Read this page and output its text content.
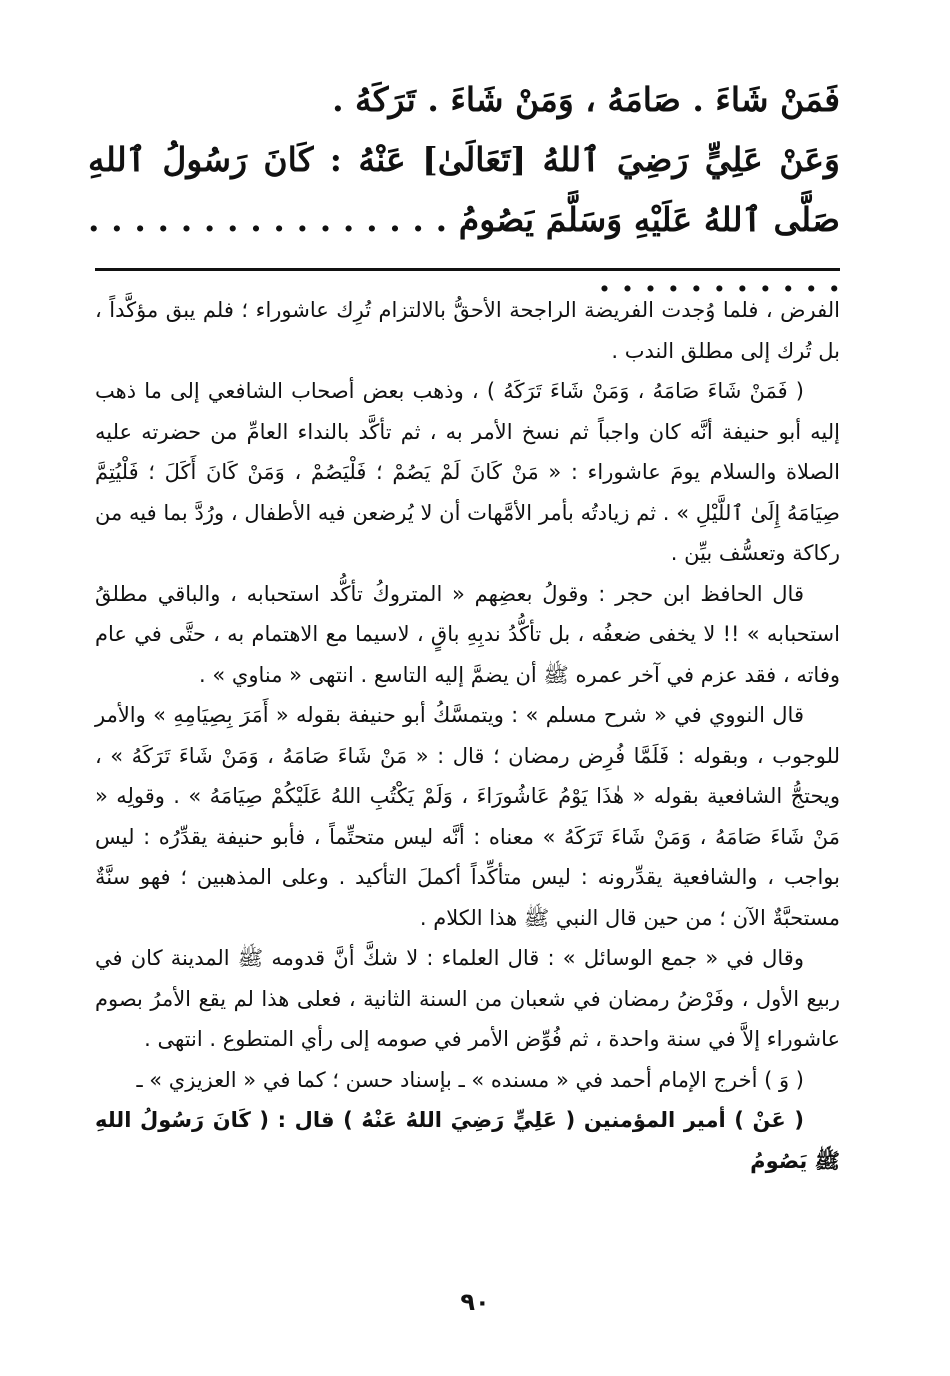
فَمَنْ شَاءَ . صَامَهُ ، وَمَنْ شَاءَ . تَرَكَهُ .

وَعَنْ عَلِيٍّ رَضِيَ ٱللهُ [تَعَالَىٰ] عَنْهُ : كَانَ رَسُولُ ٱللهِ صَلَّى ٱللهُ عَلَيْهِ وَسَلَّمَ يَصُومُ . . . . . . . . . . . . . . . . . . . . . . . . . . .

الفرض ، فلما وُجدت الفريضة الراجحة الأحقُّ بالالتزام تُرِك عاشوراء ؛ فلم يبق مؤكَّداً ، بل تُرك إلى مطلق الندب .

( فَمَنْ شَاءَ صَامَهُ ، وَمَنْ شَاءَ تَرَكَهُ ) ، وذهب بعض أصحاب الشافعي إلى ما ذهب إليه أبو حنيفة أنَّه كان واجباً ثم نسخ الأمر به ، ثم تأكَّد بالنداء العامِّ من حضرته عليه الصلاة والسلام يومَ عاشوراء : « مَنْ كَانَ لَمْ يَصُمْ ؛ فَلْيَصُمْ ، وَمَنْ كَانَ أَكَلَ ؛ فَلْيُتِمَّ صِيَامَهُ إِلَىٰ ٱللَّيْلِ » . ثم زيادتُه بأمر الأمَّهات أن لا يُرضعن فيه الأطفال ، ورُدَّ بما فيه من ركاكة وتعسُّف بيِّن .

قال الحافظ ابن حجر : وقولُ بعضِهم « المتروكُ تأكُّد استحبابه ، والباقي مطلقُ استحبابه » !! لا يخفى ضعفُه ، بل تأكُّدُ ندبِهِ باقٍ ، لاسيما مع الاهتمام به ، حتَّى في عام وفاته ، فقد عزم في آخر عمره ﷺ أن يضمَّ إليه التاسع . انتهى « مناوي » .

قال النووي في « شرح مسلم » : ويتمسَّكُ أبو حنيفة بقوله « أَمَرَ بِصِيَامِهِ » والأمر للوجوب ، وبقوله : فَلَمَّا فُرِض رمضان ؛ قال : « مَنْ شَاءَ صَامَهُ ، وَمَنْ شَاءَ تَرَكَهُ » ، ويحتجُّ الشافعية بقوله « هٰذَا يَوْمُ عَاشُورَاءَ ، وَلَمْ يَكْتُبِ اللهُ عَلَيْكُمْ صِيَامَهُ » . وقولِه « مَنْ شَاءَ صَامَهُ ، وَمَنْ شَاءَ تَرَكَهُ » معناه : أنَّه ليس متحتِّماً ، فأبو حنيفة يقدِّرُه : ليس بواجب ، والشافعية يقدِّرونه : ليس متأكِّداً أكملَ التأكيد . وعلى المذهبين ؛ فهو سنَّةٌ مستحبَّةٌ الآن ؛ من حين قال النبي ﷺ هذا الكلام .

وقال في « جمع الوسائل » : قال العلماء : لا شكَّ أنَّ قدومه ﷺ المدينة كان في ربيع الأول ، وفَرْضُ رمضان في شعبان من السنة الثانية ، فعلى هذا لم يقع الأمرُ بصوم عاشوراء إلاَّ في سنة واحدة ، ثم فُوِّض الأمر في صومه إلى رأي المتطوع . انتهى .

( وَ ) أخرج الإمام أحمد في « مسنده » ـ بإسناد حسن ؛ كما في « العزيزي » ـ

( عَنْ ) أمير المؤمنين ( عَلِيٍّ رَضِيَ اللهُ عَنْهُ ) قال : ( كَانَ رَسُولُ اللهِ ﷺ يَصُومُ

٩٠
